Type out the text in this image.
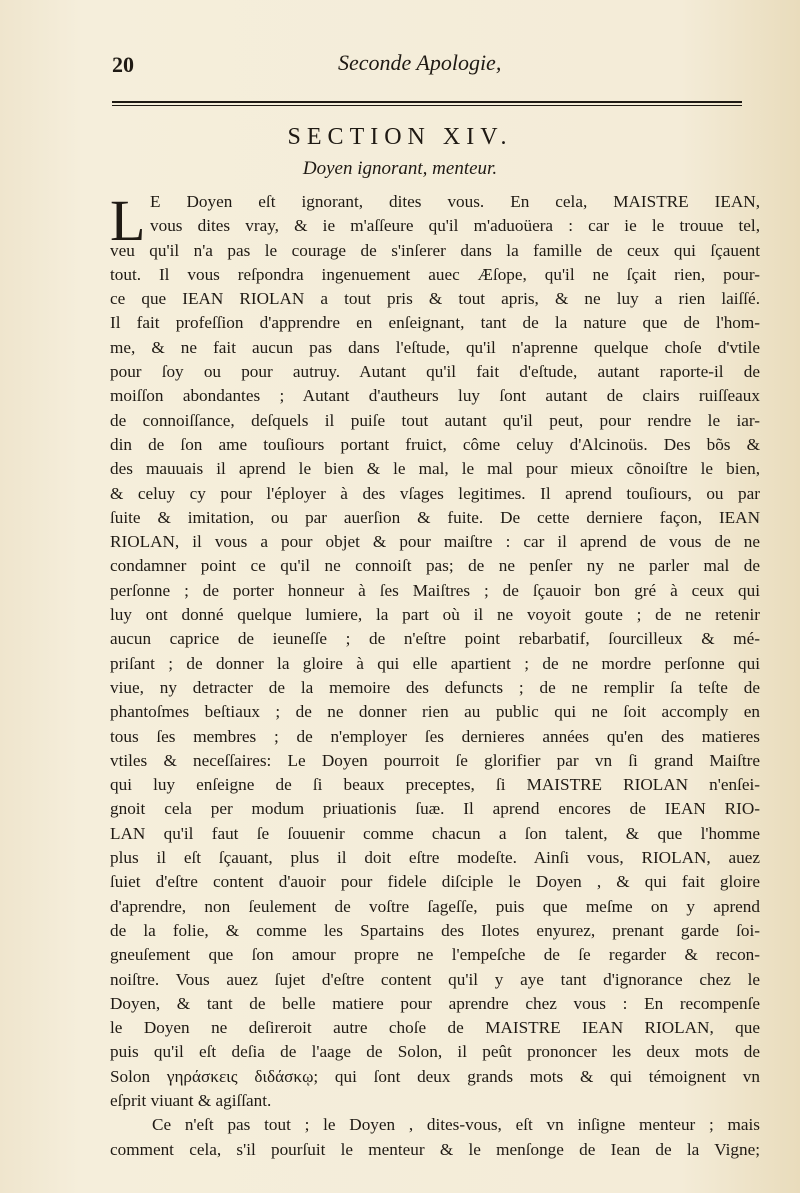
20	Seconde Apologie,
SECTION XIV.
Doyen ignorant, menteur.
L E Doyen eſt ignorant, dites vous. En cela, MAISTRE IEAN,
vous dites vray, & ie m'aſſeure qu'il m'aduoüera : car ie le trouue tel,
veu qu'il n'a pas le courage de s'inſerer dans la famille de ceux qui ſçauent
tout. Il vous reſpondra ingenuement auec Æſope, qu'il ne ſçait rien, pour-
ce que IEAN RIOLAN a tout pris & tout apris, & ne luy a rien laiſſé.
Il fait profeſſion d'apprendre en enſeignant, tant de la nature que de l'hom-
me, & ne fait aucun pas dans l'eſtude, qu'il n'aprenne quelque choſe d'vtile
pour ſoy ou pour autruy. Autant qu'il fait d'eſtude, autant raporte-il de
moiſſon abondantes ; Autant d'autheurs luy ſont autant de clairs ruiſſeaux
de connoiſſance, deſquels il puiſe tout autant qu'il peut, pour rendre le iar-
din de ſon ame touſiours portant fruict, côme celuy d'Alcinoüs. Des bõs &
des mauuais il aprend le bien & le mal, le mal pour mieux cõnoiſtre le bien,
& celuy cy pour l'éployer à des vſages legitimes. Il aprend touſiours, ou par
ſuite & imitation, ou par auerſion & fuite. De cette derniere façon, IEAN
RIOLAN, il vous a pour objet & pour maiſtre : car il aprend de vous de ne
condamner point ce qu'il ne connoiſt pas; de ne penſer ny ne parler mal de
perſonne ; de porter honneur à ſes Maiſtres ; de ſçauoir bon gré à ceux qui
luy ont donné quelque lumiere, la part où il ne voyoit goute ; de ne retenir
aucun caprice de ieuneſſe ; de n'eſtre point rebarbatif, ſourcilleux & mé-
priſant ; de donner la gloire à qui elle apartient ; de ne mordre perſonne qui
viue, ny detracter de la memoire des defuncts ; de ne remplir ſa teſte de
phantoſmes beſtiaux ; de ne donner rien au public qui ne ſoit accomply en
tous ſes membres ; de n'employer ſes dernieres années qu'en des matieres
vtiles & neceſſaires: Le Doyen pourroit ſe glorifier par vn ſi grand Maiſtre
qui luy enſeigne de ſi beaux preceptes, ſi MAISTRE RIOLAN n'enſei-
gnoit cela per modum priuationis ſuæ. Il aprend encores de IEAN RIO-
LAN qu'il faut ſe ſouuenir comme chacun a ſon talent, & que l'homme
plus il eſt ſçauant, plus il doit eſtre modeſte. Ainſi vous, RIOLAN, auez
ſuiet d'eſtre content d'auoir pour fidele diſciple le Doyen , & qui fait gloire
d'aprendre, non ſeulement de voſtre ſageſſe, puis que meſme on y aprend
de la folie, & comme les Spartains des Ilotes enyurez, prenant garde ſoi-
gneuſement que ſon amour propre ne l'empeſche de ſe regarder & recon-
noiſtre. Vous auez ſujet d'eſtre content qu'il y aye tant d'ignorance chez le
Doyen, & tant de belle matiere pour aprendre chez vous : En recompenſe
le Doyen ne deſireroit autre choſe de MAISTRE IEAN RIOLAN, que
puis qu'il eſt deſia de l'aage de Solon, il peût prononcer les deux mots de
Solon γηράσκεις διδάσκῳ; qui ſont deux grands mots & qui témoignent vn
eſprit viuant & agiſſant.
Ce n'eſt pas tout ; le Doyen , dites-vous, eſt vn inſigne menteur ; mais
comment cela, s'il pourſuit le menteur & le menſonge de Iean de la Vigne;
